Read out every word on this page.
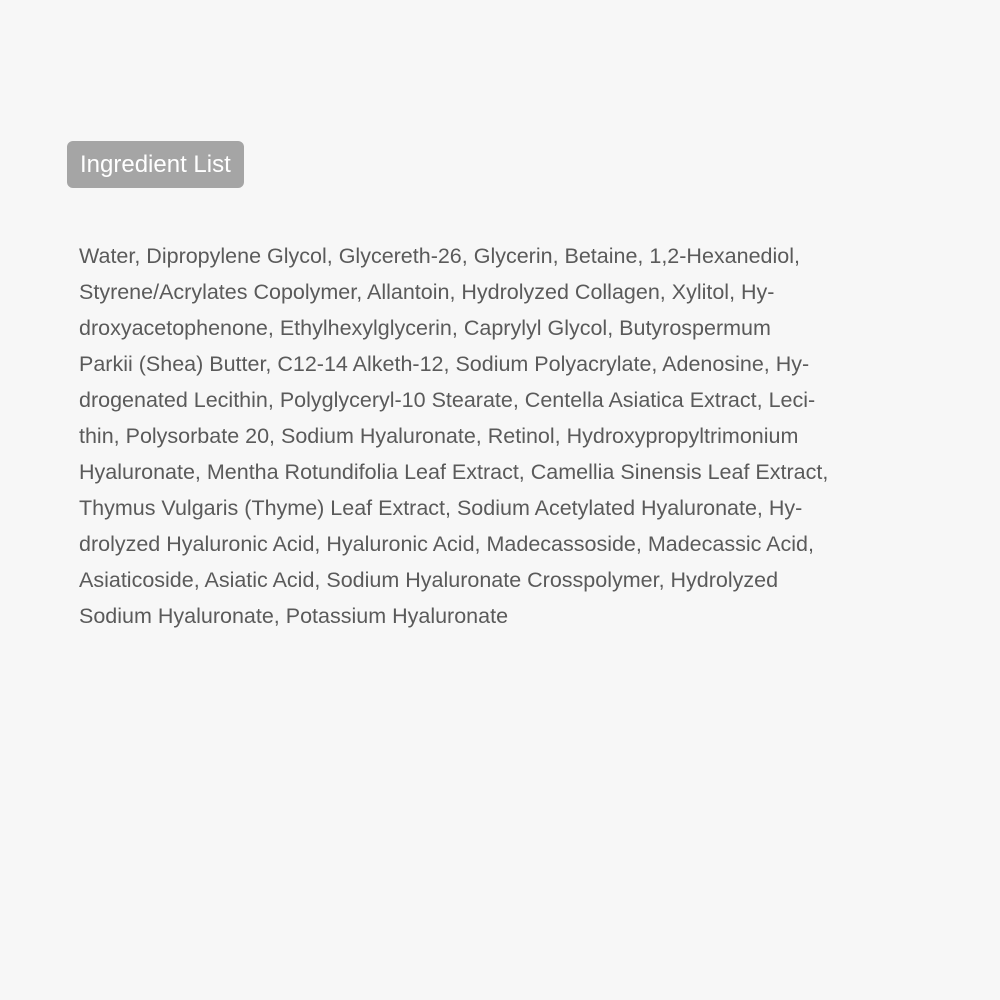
Ingredient List
Water, Dipropylene Glycol, Glycereth-26, Glycerin, Betaine, 1,2-Hexanediol,
Styrene/Acrylates Copolymer, Allantoin, Hydrolyzed Collagen, Xylitol, Hy-
droxyacetophenone, Ethylhexylglycerin, Caprylyl Glycol, Butyrospermum
Parkii (Shea) Butter, C12-14 Alketh-12, Sodium Polyacrylate, Adenosine, Hy-
drogenated Lecithin, Polyglyceryl-10 Stearate, Centella Asiatica Extract, Leci-
thin, Polysorbate 20, Sodium Hyaluronate, Retinol, Hydroxypropyltrimonium
Hyaluronate, Mentha Rotundifolia Leaf Extract, Camellia Sinensis Leaf Extract,
Thymus Vulgaris (Thyme) Leaf Extract, Sodium Acetylated Hyaluronate, Hy-
drolyzed Hyaluronic Acid, Hyaluronic Acid, Madecassoside, Madecassic Acid,
Asiaticoside, Asiatic Acid, Sodium Hyaluronate Crosspolymer, Hydrolyzed
Sodium Hyaluronate, Potassium Hyaluronate
